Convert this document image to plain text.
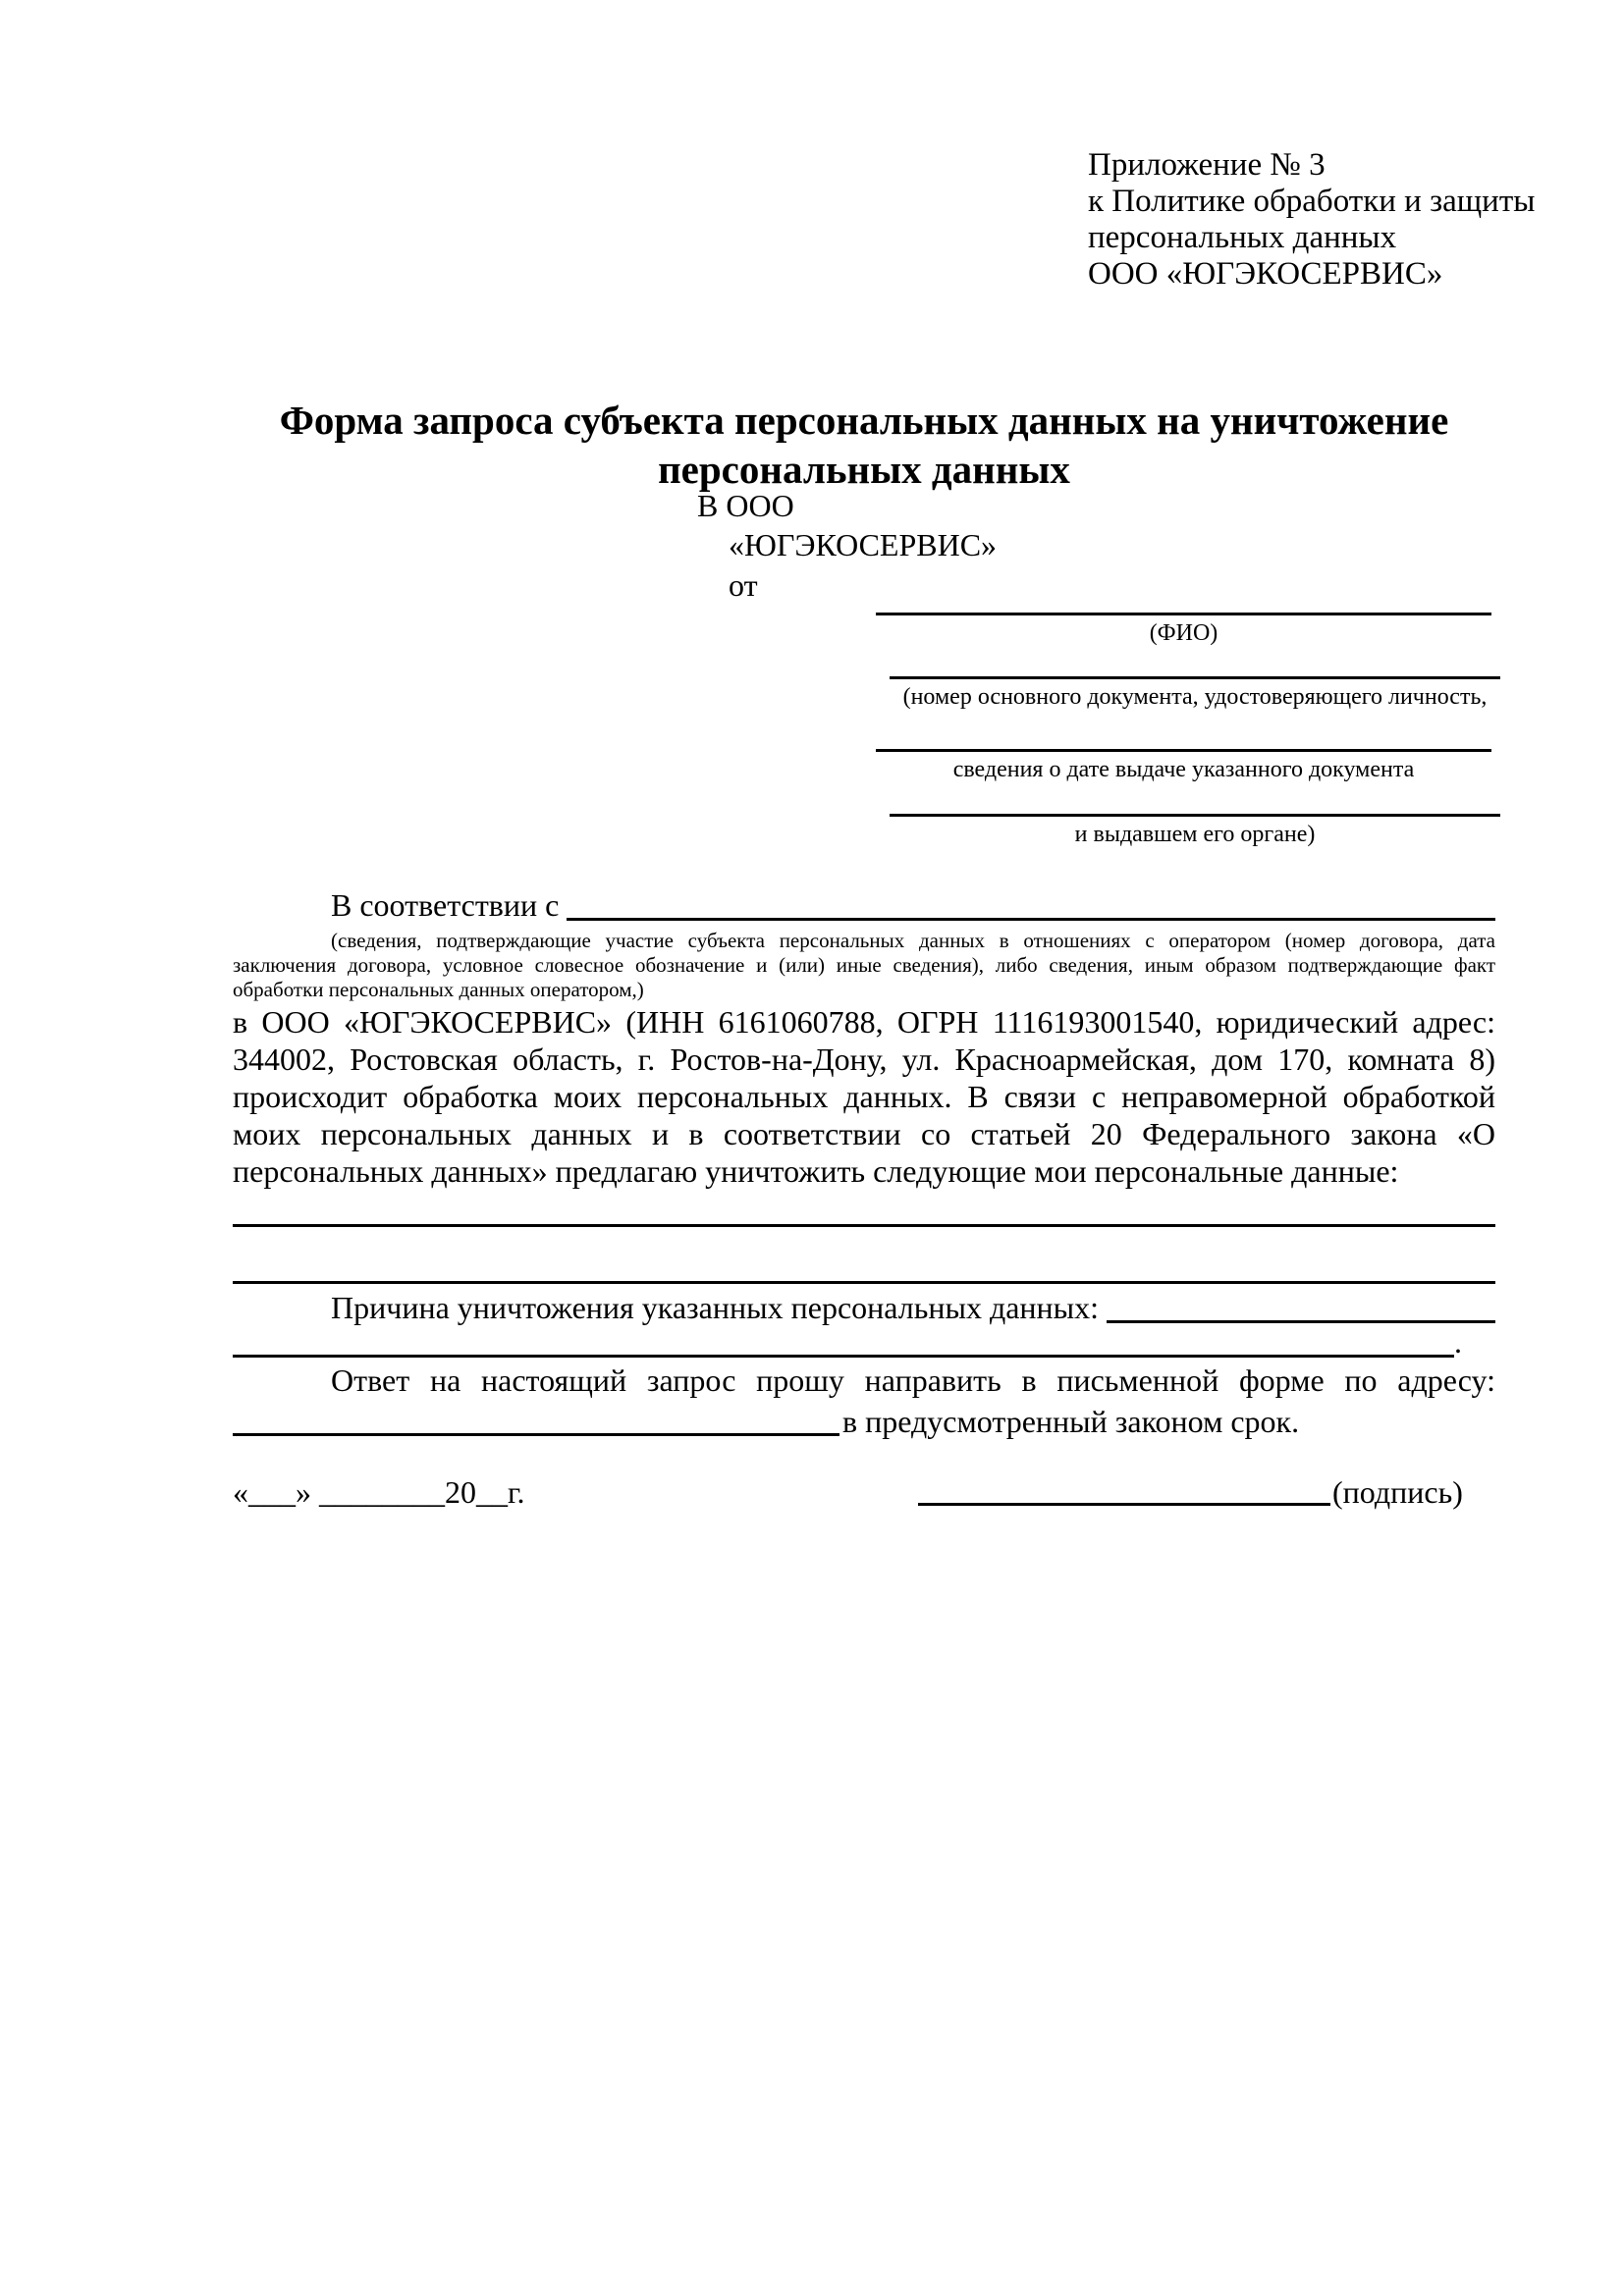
Приложение № 3
к Политике обработки и защиты
персональных данных
ООО «ЮГЭКОСЕРВИС»
Форма запроса субъекта персональных данных на уничтожение
персональных данных
В ООО
«ЮГЭКОСЕРВИС»
от
(ФИО)
(номер основного документа, удостоверяющего личность,
сведения о дате выдаче указанного документа
и выдавшем его органе)
В соответствии с
(сведения, подтверждающие участие субъекта персональных данных в отношениях с оператором (номер договора, дата
заключения договора, условное словесное обозначение и (или) иные сведения), либо сведения, иным образом подтверждающие факт
обработки персональных данных оператором,)
в ООО «ЮГЭКОСЕРВИС» (ИНН 6161060788, ОГРН 1116193001540, юридический адрес:
344002, Ростовская область, г. Ростов-на-Дону, ул. Красноармейская, дом 170, комната 8)
происходит обработка моих персональных данных. В связи с неправомерной обработкой
моих персональных данных и в соответствии со статьей 20 Федерального закона «О
персональных данных» предлагаю уничтожить следующие мои персональные данные:
Причина уничтожения указанных персональных данных:
.
Ответ на настоящий запрос прошу направить в письменной форме по адресу:
в предусмотренный законом срок.
«___» ________20__г.	(подпись)
